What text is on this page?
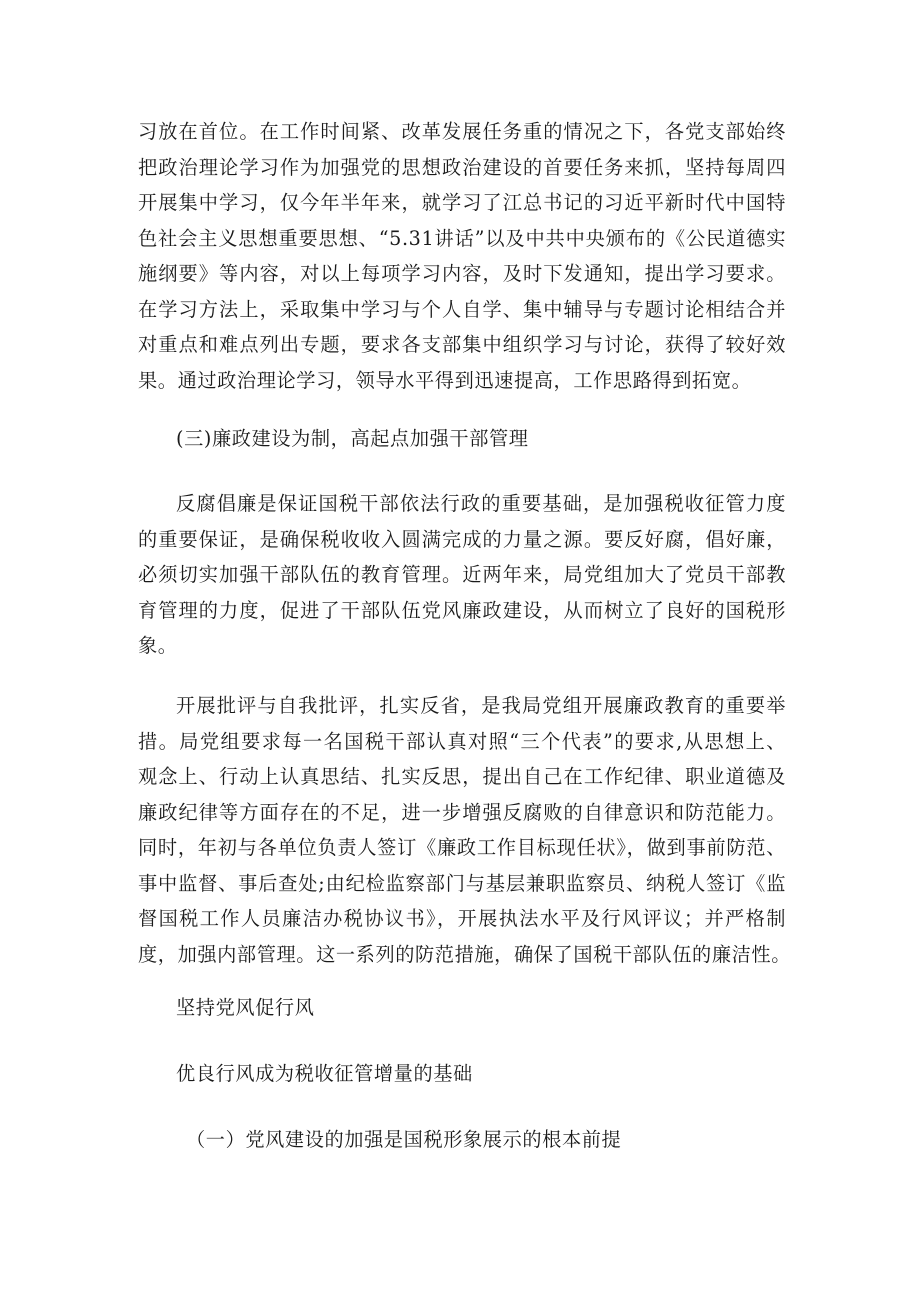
习放在首位。在工作时间紧、改革发展任务重的情况之下，各党支部始终
把政治理论学习作为加强党的思想政治建设的首要任务来抓，坚持每周四
开展集中学习，仅今年半年来，就学习了江总书记的习近平新时代中国特
色社会主义思想重要思想、“5.31讲话”以及中共中央颁布的《公民道德实
施纲要》等内容，对以上每项学习内容，及时下发通知，提出学习要求。
在学习方法上，采取集中学习与个人自学、集中辅导与专题讨论相结合并
对重点和难点列出专题，要求各支部集中组织学习与讨论，获得了较好效
果。通过政治理论学习，领导水平得到迅速提高，工作思路得到拓宽。
(三)廉政建设为制，高起点加强干部管理
反腐倡廉是保证国税干部依法行政的重要基础，是加强税收征管力度
的重要保证，是确保税收收入圆满完成的力量之源。要反好腐，倡好廉，
必须切实加强干部队伍的教育管理。近两年来，局党组加大了党员干部教
育管理的力度，促进了干部队伍党风廉政建设，从而树立了良好的国税形
象。
开展批评与自我批评，扎实反省，是我局党组开展廉政教育的重要举
措。局党组要求每一名国税干部认真对照“三个代表”的要求,从思想上、
观念上、行动上认真思结、扎实反思，提出自己在工作纪律、职业道德及
廉政纪律等方面存在的不足，进一步增强反腐败的自律意识和防范能力。
同时，年初与各单位负责人签订《廉政工作目标现任状》，做到事前防范、
事中监督、事后查处;由纪检监察部门与基层兼职监察员、纳税人签订《监
督国税工作人员廉洁办税协议书》，开展执法水平及行风评议；并严格制
度，加强内部管理。这一系列的防范措施，确保了国税干部队伍的廉洁性。
坚持党风促行风
优良行风成为税收征管增量的基础
（一）党风建设的加强是国税形象展示的根本前提
